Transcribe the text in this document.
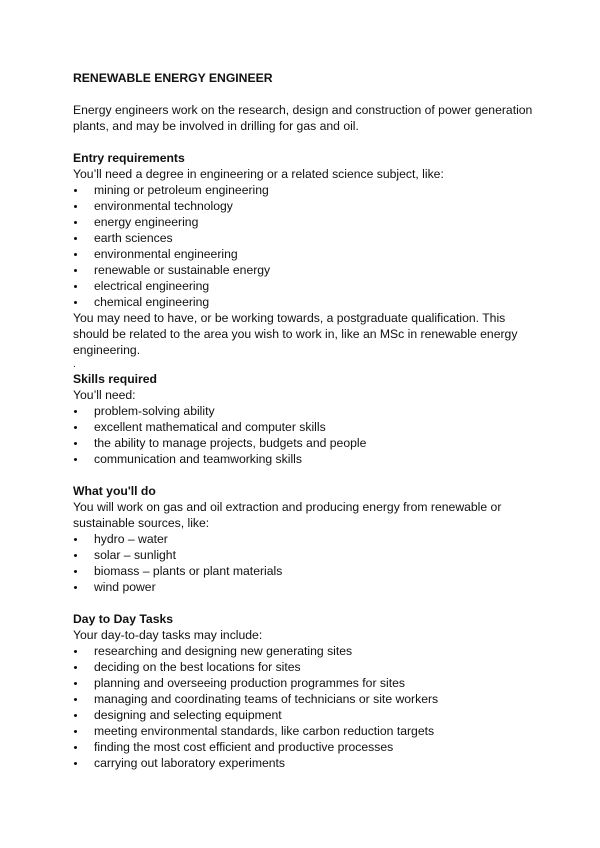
RENEWABLE ENERGY ENGINEER

Energy engineers work on the research, design and construction of power generation plants, and may be involved in drilling for gas and oil.

Entry requirements

You’ll need a degree in engineering or a related science subject, like:

mining or petroleum engineering
environmental technology
energy engineering
earth sciences
environmental engineering
renewable or sustainable energy
electrical engineering
chemical engineering

You may need to have, or be working towards, a postgraduate qualification. This should be related to the area you wish to work in, like an MSc in renewable energy engineering.

.
Skills required

You’ll need:

problem-solving ability
excellent mathematical and computer skills
the ability to manage projects, budgets and people
communication and teamworking skills
What you'll do

You will work on gas and oil extraction and producing energy from renewable or sustainable sources, like:

hydro – water
solar – sunlight
biomass – plants or plant materials
wind power
Day to Day Tasks

Your day-to-day tasks may include:

researching and designing new generating sites
deciding on the best locations for sites
planning and overseeing production programmes for sites
managing and coordinating teams of technicians or site workers
designing and selecting equipment
meeting environmental standards, like carbon reduction targets
finding the most cost efficient and productive processes
carrying out laboratory experiments
